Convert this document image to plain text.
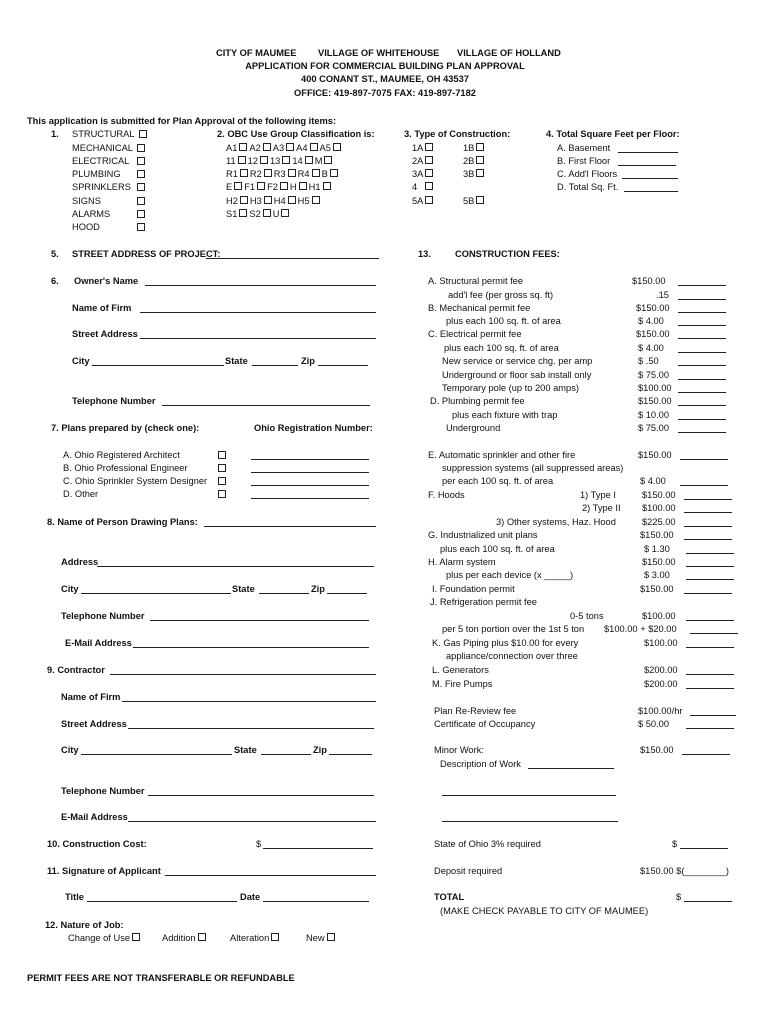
CITY OF MAUMEE VILLAGE OF WHITEHOUSE VILLAGE OF HOLLAND
APPLICATION FOR COMMERCIAL BUILDING PLAN APPROVAL
400 CONANT ST., MAUMEE, OH 43537
OFFICE: 419-897-7075 FAX: 419-897-7182
This application is submitted for Plan Approval of the following items:
1. STRUCTURAL
MECHANICAL
ELECTRICAL
PLUMBING
SPRINKLERS
SIGNS
ALARMS
HOOD
2. OBC Use Group Classification is:
A1 A2 A3 A4 A5
11 12 13 14 M
R1 R2 R3 R4 B
E F1 F2 H H1
H2 H3 H4 H5
S1 S2 U
3. Type of Construction:
1A
2A
3A
4
5A
1B
2B
3B
5B
4. Total Square Feet per Floor:
A. Basement
B. First Floor
C. Add'l Floors
D. Total Sq. Ft.
5. STREET ADDRESS OF PROJECT:
6. Owner's Name
Name of Firm
Street Address
City	State	Zip
Telephone Number
7. Plans prepared by (check one):	Ohio Registration Number:
A. Ohio Registered Architect
B. Ohio Professional Engineer
C. Ohio Sprinkler System Designer
D. Other
8. Name of Person Drawing Plans:
Address
City	State	Zip
Telephone Number
E-Mail Address
9. Contractor
Name of Firm
Street Address
City	State	Zip
Telephone Number
E-Mail Address
10. Construction Cost:	$
11. Signature of Applicant
Title	Date
12. Nature of Job:
Change of Use	Addition	Alteration	New
PERMIT FEES ARE NOT TRANSFERABLE OR REFUNDABLE
13.	CONSTRUCTION FEES:
A. Structural permit fee	$150.00
add'l fee (per gross sq. ft)	.15
B. Mechanical permit fee	$150.00
plus each 100 sq. ft. of area	$ 4.00
C. Electrical permit fee	$150.00
plus each 100 sq. ft. of area	$ 4.00
New service or service chg. per amp	$ .50
Underground or floor sab install only	$ 75.00
Temporary pole (up to 200 amps)	$100.00
D. Plumbing permit fee	$150.00
plus each fixture with trap	$ 10.00
Underground	$ 75.00
E. Automatic sprinkler and other fire	$150.00
suppression systems (all suppressed areas)
per each 100 sq. ft. of area	$ 4.00
F. Hoods	1) Type I	$150.00
2) Type II $100.00
3) Other systems, Haz. Hood	$225.00
G. Industrialized unit plans	$150.00
plus each 100 sq. ft. of area	$ 1.30
H. Alarm system	$150.00
plus per each device (x _____)	$ 3.00
I. Foundation permit	$150.00
J. Refrigeration permit fee
0-5 tons	$100.00
per 5 ton portion over the 1st 5 ton $100.00 + $20.00
K. Gas Piping plus $10.00 for every	$100.00
appliance/connection over three
L. Generators	$200.00
M. Fire Pumps	$200.00
Plan Re-Review fee	$100.00/hr
Certificate of Occupancy	$ 50.00
Minor Work:	$150.00
Description of Work
State of Ohio 3% required	$
Deposit required	$150.00 $(________)
TOTAL	$
(MAKE CHECK PAYABLE TO CITY OF MAUMEE)
